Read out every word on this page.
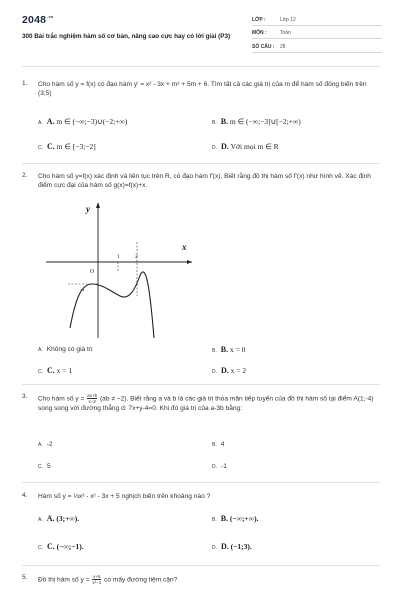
$2048^{.vn}$
300 Bài trắc nghiệm hàm số cơ bản, nâng cao cực hay có lời giải (P3)
LỚP :	Lớp 12
MÔN :	Toán
SỐ CÂU : 28
1. Cho hàm số y = f(x) có đạo hàm y' = x² - 3x + m² + 5m + 6. Tìm tất cả các giá trị của m để hàm số đồng biến trên (3;5)
A. A. m ∈ (−∞;−3)∪(−2;+∞)	B. B. m ∈ (−∞;−3]∪[−2;+∞)
C. C. m ∈ [−3;−2]	D. D. Với mọi m ∈ R
2. Cho hàm số y=f(x) xác định và liên tục trên R, có đạo hàm f'(x). Biết rằng đồ thị hàm số f'(x) như hình vẽ. Xác định điểm cực đại của hàm số g(x)=f(x)+x.
y
x
O
1	2
-1
A. Không có giá trị	B. B. x = 0
C. C. x = 1	D. D. x = 2
3. Cho hàm số $y = \frac{ax+b}{x-2} (ab \ne -2)$. Biết rằng a và b là các giá trị thỏa mãn tiếp tuyến của đồ thị hàm số tại điểm A(1;-4) song song với đường thẳng d: 7x+y-4=0. Khi đó giá trị của a-3b bằng:
A. -2	B. 4
C. 5	D. -1
4. Hàm số y = ⅓x³ - x² - 3x + 5 nghịch biến trên khoảng nào ?
A. A. (3;+∞).	B. B. (−∞;+∞).
C. C. (−∞;−1).	D. D. (−1;3).
5. Đồ thị hàm số $y = \frac{x+6}{\text{x²−1}}$ có mấy đường tiệm cận?
